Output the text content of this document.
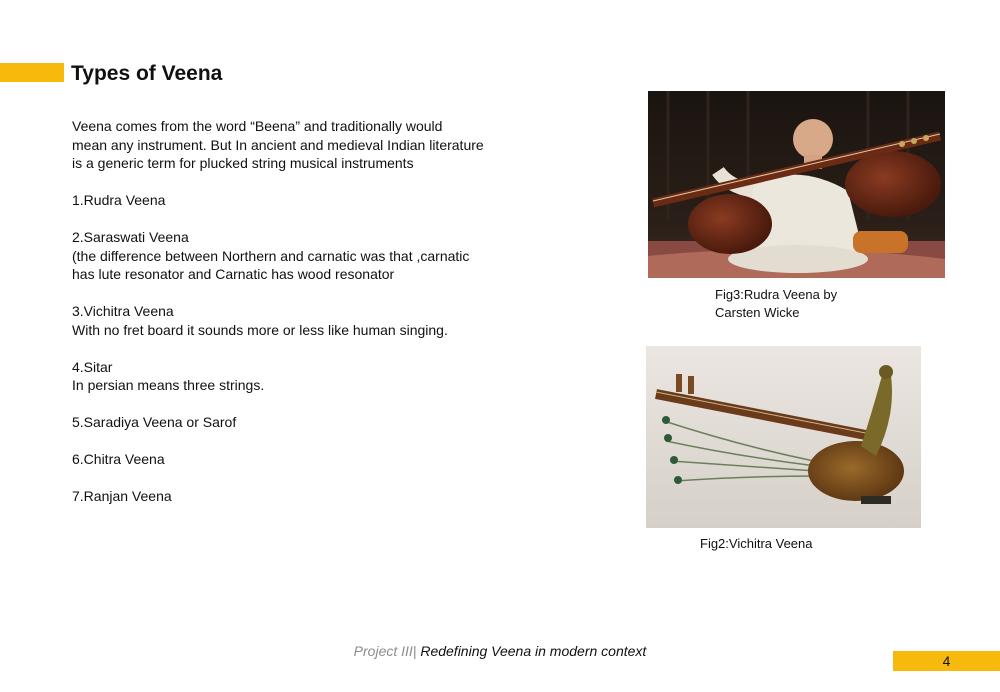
Types of Veena

Veena comes from the word “Beena” and traditionally would

mean any instrument. But In ancient and medieval Indian literature

is a generic term for plucked string musical instruments

1.Rudra Veena

2.Saraswati Veena

(the difference between Northern and carnatic was that ,carnatic

has lute resonator and Carnatic has wood resonator

3.Vichitra Veena

With no fret board it sounds more or less like human singing.

4.Sitar

In persian means three strings.

5.Saradiya Veena or Sarof

6.Chitra Veena

7.Ranjan Veena

Fig3:Rudra Veena by
Carsten Wicke
Fig2:Vichitra Veena
Project III| Redefining Veena in modern context
4
